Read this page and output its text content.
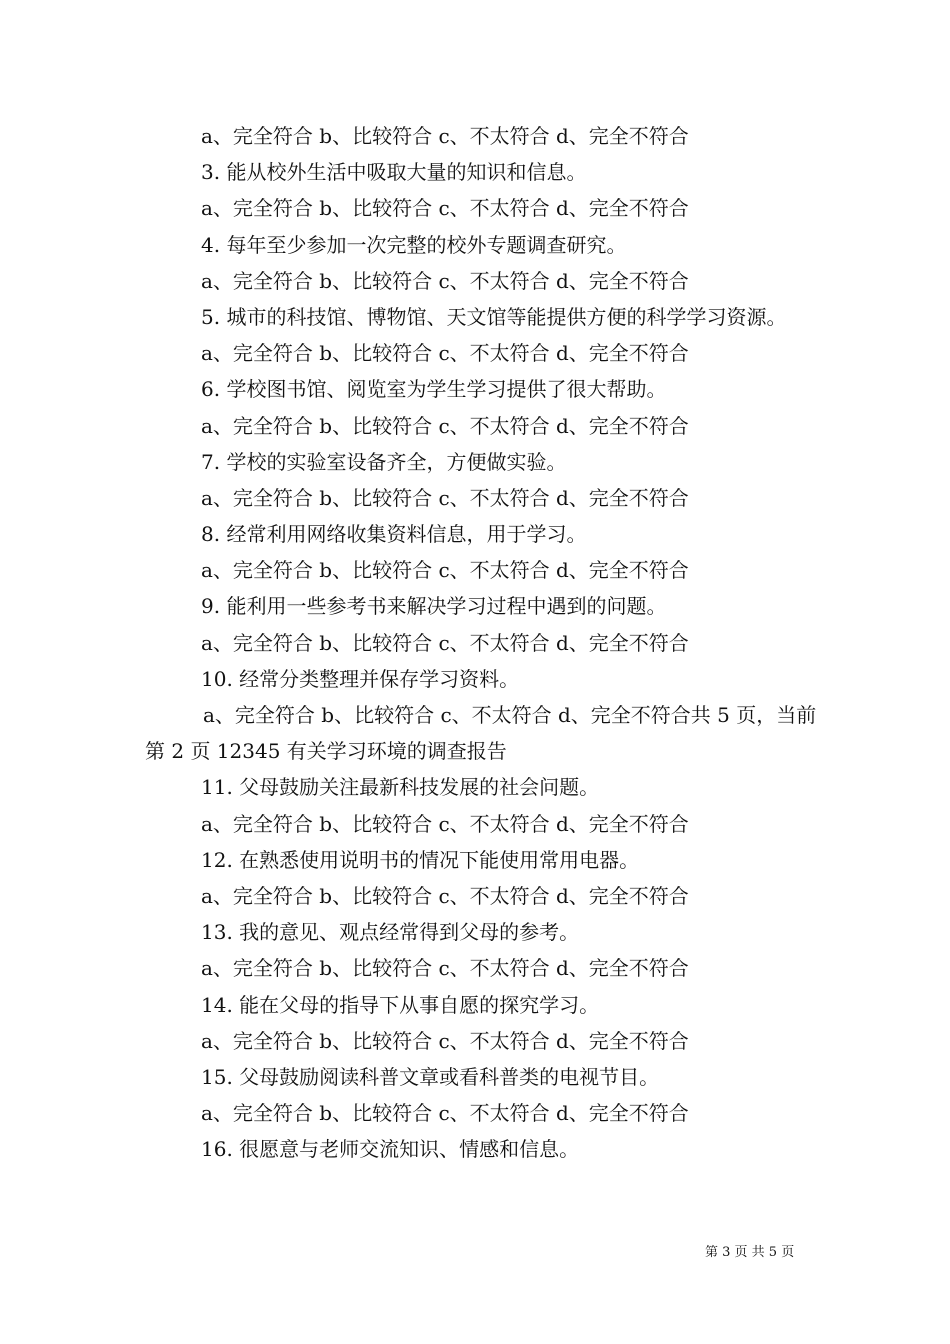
a、完全符合 b、比较符合 c、不太符合 d、完全不符合
3. 能从校外生活中吸取大量的知识和信息。
a、完全符合 b、比较符合 c、不太符合 d、完全不符合
4. 每年至少参加一次完整的校外专题调查研究。
a、完全符合 b、比较符合 c、不太符合 d、完全不符合
5. 城市的科技馆、博物馆、天文馆等能提供方便的科学学习资源。
a、完全符合 b、比较符合 c、不太符合 d、完全不符合
6. 学校图书馆、阅览室为学生学习提供了很大帮助。
a、完全符合 b、比较符合 c、不太符合 d、完全不符合
7. 学校的实验室设备齐全，方便做实验。
a、完全符合 b、比较符合 c、不太符合 d、完全不符合
8. 经常利用网络收集资料信息，用于学习。
a、完全符合 b、比较符合 c、不太符合 d、完全不符合
9. 能利用一些参考书来解决学习过程中遇到的问题。
a、完全符合 b、比较符合 c、不太符合 d、完全不符合
10. 经常分类整理并保存学习资料。
a、完全符合 b、比较符合 c、不太符合 d、完全不符合共 5 页，当前第 2 页 12345 有关学习环境的调查报告
11. 父母鼓励关注最新科技发展的社会问题。
a、完全符合 b、比较符合 c、不太符合 d、完全不符合
12. 在熟悉使用说明书的情况下能使用常用电器。
a、完全符合 b、比较符合 c、不太符合 d、完全不符合
13. 我的意见、观点经常得到父母的参考。
a、完全符合 b、比较符合 c、不太符合 d、完全不符合
14. 能在父母的指导下从事自愿的探究学习。
a、完全符合 b、比较符合 c、不太符合 d、完全不符合
15. 父母鼓励阅读科普文章或看科普类的电视节目。
a、完全符合 b、比较符合 c、不太符合 d、完全不符合
16. 很愿意与老师交流知识、情感和信息。
第 3 页 共 5 页
